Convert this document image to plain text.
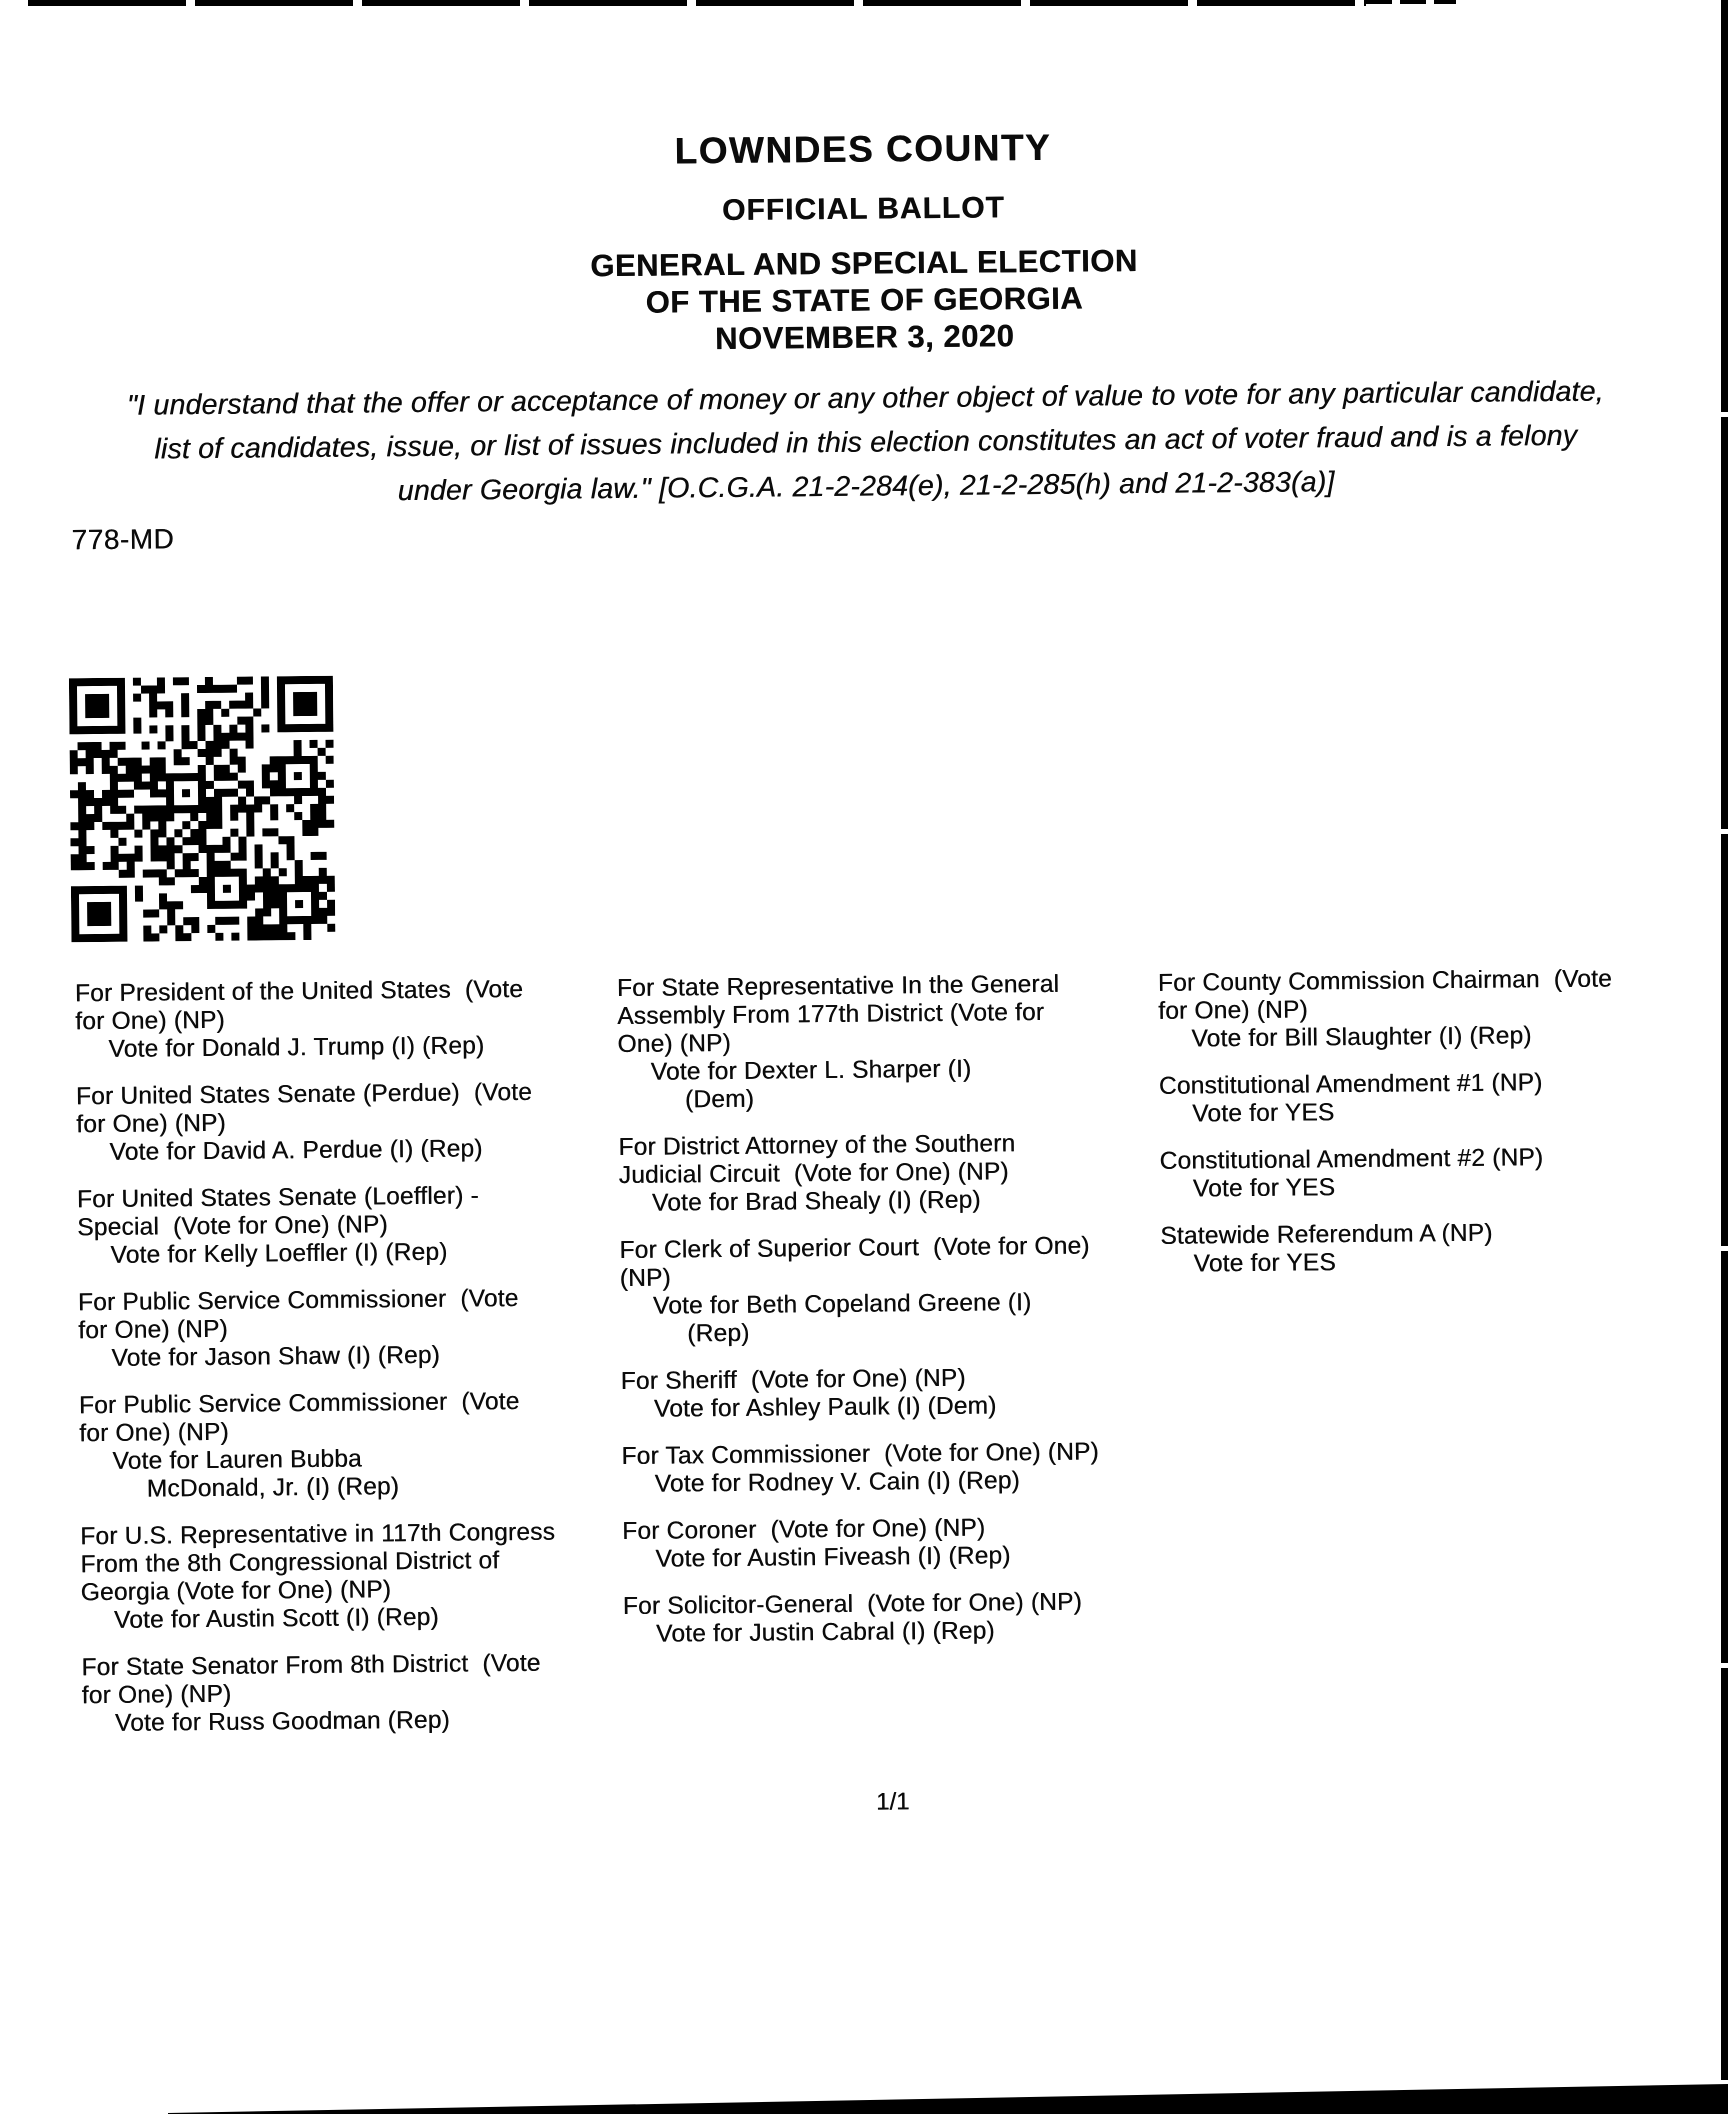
LOWNDES COUNTY
OFFICIAL BALLOT
GENERAL AND SPECIAL ELECTION
OF THE STATE OF GEORGIA
NOVEMBER 3, 2020
"I understand that the offer or acceptance of money or any other object of value to vote for any particular candidate,
list of candidates, issue, or list of issues included in this election constitutes an act of voter fraud and is a felony
under Georgia law." [O.C.G.A. 21-2-284(e), 21-2-285(h) and 21-2-383(a)]
778-MD
For President of the United States  (Vote
for One) (NP)
Vote for Donald J. Trump (I) (Rep)
For United States Senate (Perdue)  (Vote
for One) (NP)
Vote for David A. Perdue (I) (Rep)
For United States Senate (Loeffler) -
Special  (Vote for One) (NP)
Vote for Kelly Loeffler (I) (Rep)
For Public Service Commissioner  (Vote
for One) (NP)
Vote for Jason Shaw (I) (Rep)
For Public Service Commissioner  (Vote
for One) (NP)
Vote for Lauren Bubba
McDonald, Jr. (I) (Rep)
For U.S. Representative in 117th Congress
From the 8th Congressional District of
Georgia (Vote for One) (NP)
Vote for Austin Scott (I) (Rep)
For State Senator From 8th District  (Vote
for One) (NP)
Vote for Russ Goodman (Rep)
For State Representative In the General
Assembly From 177th District (Vote for
One) (NP)
Vote for Dexter L. Sharper (I)
(Dem)
For District Attorney of the Southern
Judicial Circuit  (Vote for One) (NP)
Vote for Brad Shealy (I) (Rep)
For Clerk of Superior Court  (Vote for One)
(NP)
Vote for Beth Copeland Greene (I)
(Rep)
For Sheriff  (Vote for One) (NP)
Vote for Ashley Paulk (I) (Dem)
For Tax Commissioner  (Vote for One) (NP)
Vote for Rodney V. Cain (I) (Rep)
For Coroner  (Vote for One) (NP)
Vote for Austin Fiveash (I) (Rep)
For Solicitor-General  (Vote for One) (NP)
Vote for Justin Cabral (I) (Rep)
For County Commission Chairman  (Vote
for One) (NP)
Vote for Bill Slaughter (I) (Rep)
Constitutional Amendment #1 (NP)
Vote for YES
Constitutional Amendment #2 (NP)
Vote for YES
Statewide Referendum A (NP)
Vote for YES
1/1
